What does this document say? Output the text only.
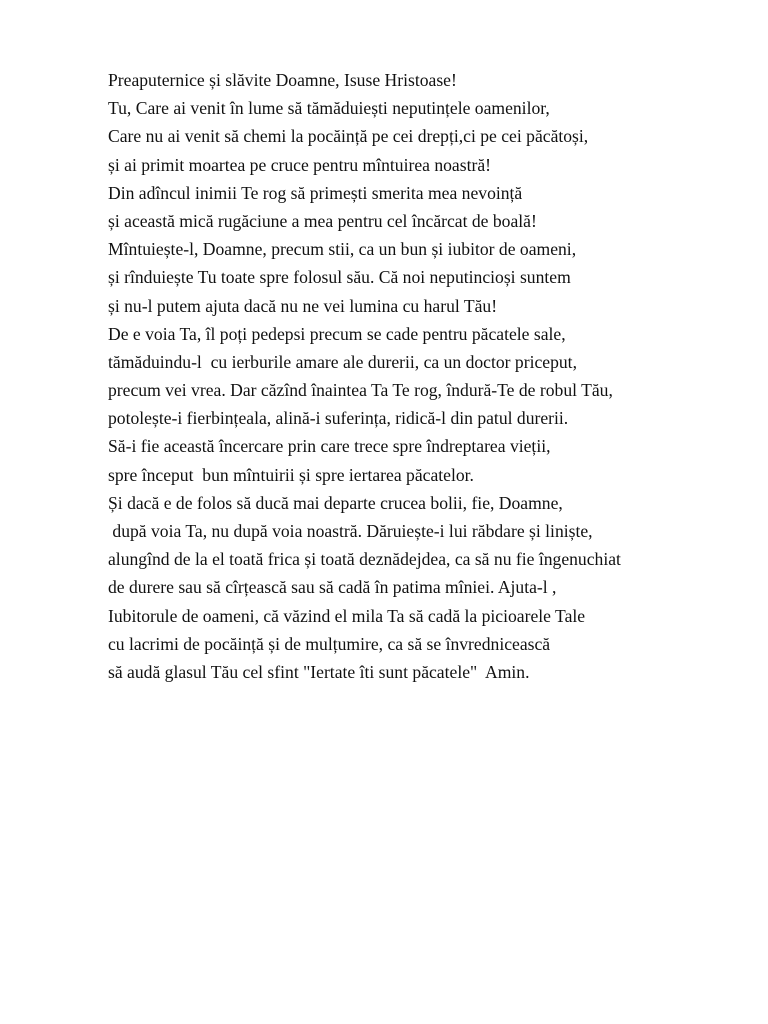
Preaputernice și slăvite Doamne, Isuse Hristoase!
Tu, Care ai venit în lume să tămăduiești neputințele oamenilor,
Care nu ai venit să chemi la pocăință pe cei drepți,ci pe cei păcătoși,
și ai primit moartea pe cruce pentru mîntuirea noastră!
Din adîncul inimii Te rog să primești smerita mea nevoință
și această mică rugăciune a mea pentru cel încărcat de boală!
Mîntuiește-l, Doamne, precum stii, ca un bun și iubitor de oameni,
și rînduiește Tu toate spre folosul său. Că noi neputincioși suntem
și nu-l putem ajuta dacă nu ne vei lumina cu harul Tău!
De e voia Ta, îl poți pedepsi precum se cade pentru păcatele sale,
tămăduindu-l  cu ierburile amare ale durerii, ca un doctor priceput,
precum vei vrea. Dar căzînd înaintea Ta Te rog, îndură-Te de robul Tău,
potolește-i fierbințeala, alină-i suferința, ridică-l din patul durerii.
Să-i fie această încercare prin care trece spre îndreptarea vieții,
spre început  bun mîntuirii și spre iertarea păcatelor.
Și dacă e de folos să ducă mai departe crucea bolii, fie, Doamne,
după voia Ta, nu după voia noastră. Dăruiește-i lui răbdare și liniște,
alungînd de la el toată frica și toată deznădejdea, ca să nu fie îngenuchiat
de durere sau să cîrțească sau să cadă în patima mîniei. Ajuta-l ,
Iubitorule de oameni, că văzind el mila Ta să cadă la picioarele Tale
cu lacrimi de pocăință și de mulțumire, ca să se învrednicească
să audă glasul Tău cel sfint "Iertate îti sunt păcatele"  Amin.
